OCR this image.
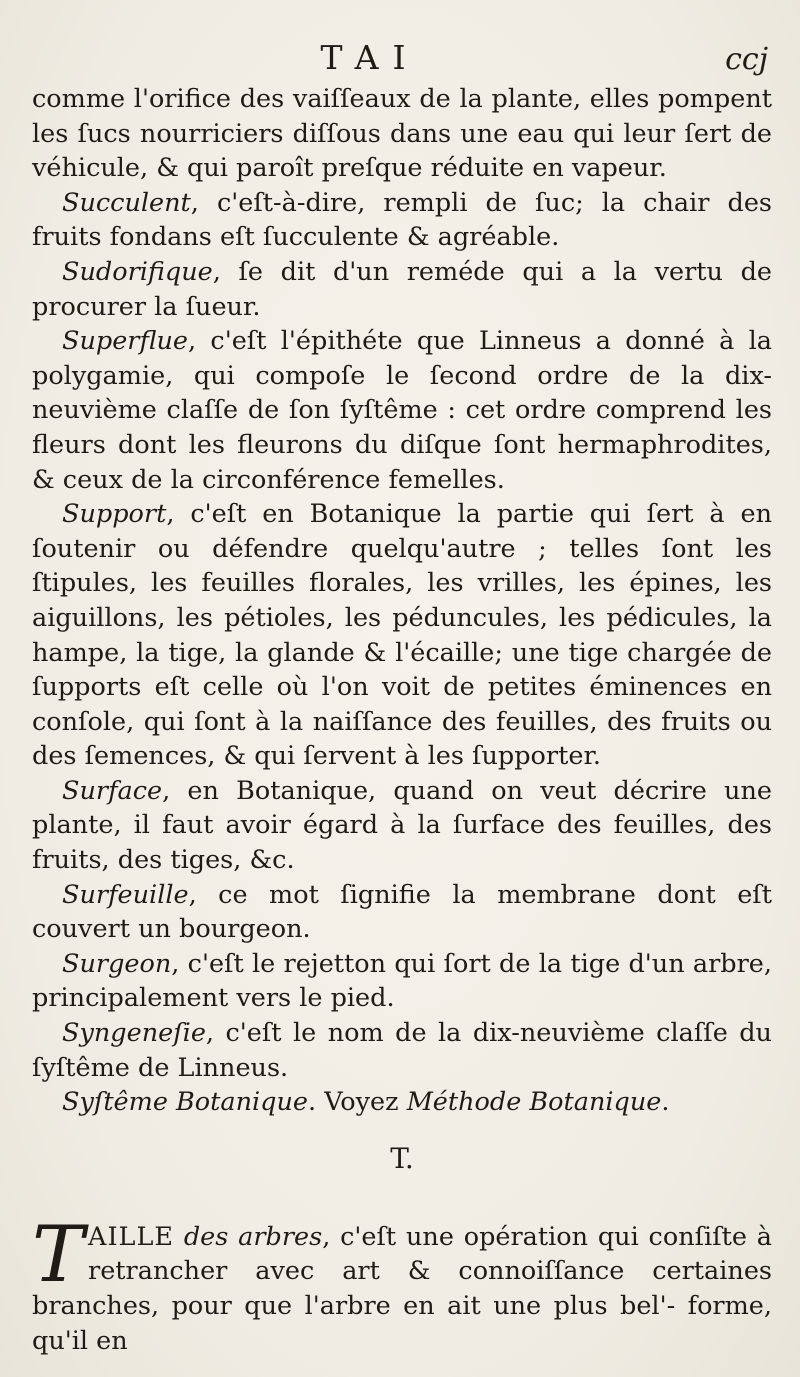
TAI	ccj

comme l'orifice des vaiſſeaux de la plante, elles pompent les ſucs nourriciers diſſous dans une eau qui leur ſert de véhicule, & qui paroît preſque réduite en vapeur.

Succulent, c'eſt-à-dire, rempli de ſuc; la chair des fruits fondans eſt ſucculente & agréable.

Sudorifique, ſe dit d'un reméde qui a la vertu de procurer la ſueur.

Superflue, c'eſt l'épithéte que Linneus a donné à la polygamie, qui compoſe le ſecond ordre de la dix-neuvième claſſe de ſon ſyſtême : cet ordre comprend les fleurs dont les fleurons du diſque ſont hermaphrodites, & ceux de la circonférence femelles.

Support, c'eſt en Botanique la partie qui ſert à en ſoutenir ou défendre quelqu'autre ; telles ſont les ſtipules, les feuilles florales, les vrilles, les épines, les aiguillons, les pétioles, les péduncules, les pédicules, la hampe, la tige, la glande & l'écaille; une tige chargée de ſupports eſt celle où l'on voit de petites éminences en conſole, qui ſont à la naiſſance des feuilles, des fruits ou des ſemences, & qui ſervent à les ſupporter.

Surface, en Botanique, quand on veut décrire une plante, il faut avoir égard à la ſurface des feuilles, des fruits, des tiges, &c.

Surfeuille, ce mot ſignifie la membrane dont eſt couvert un bourgeon.

Surgeon, c'eſt le rejetton qui ſort de la tige d'un arbre, principalement vers le pied.

Syngeneſie, c'eſt le nom de la dix-neuvième claſſe du ſyſtême de Linneus.

Syſtême Botanique. Voyez Méthode Botanique.

T.

TAILLE des arbres, c'eſt une opération qui conſiſte à retrancher avec art & connoiſſance certaines branches, pour que l'arbre en ait une plus bel'- forme, qu'il en
